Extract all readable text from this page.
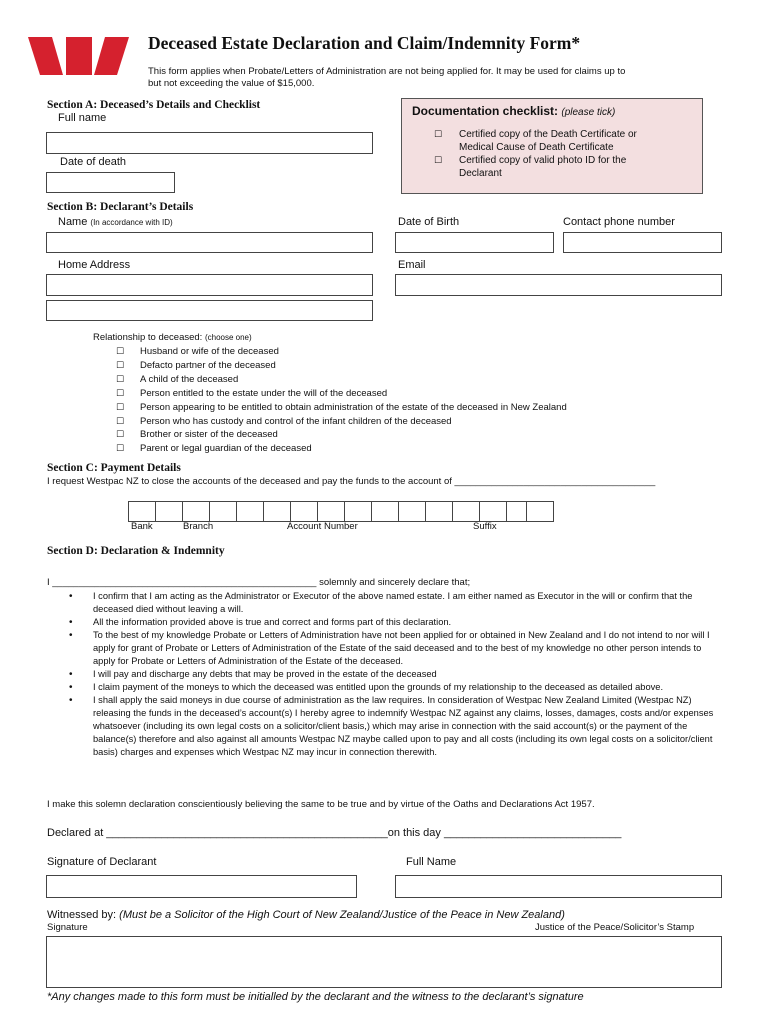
Deceased Estate Declaration and Claim/Indemnity Form*
This form applies when Probate/Letters of Administration are not being applied for. It may be used for claims up to
but not exceeding the value of $15,000.
Section A: Deceased’s Details and Checklist
Full name
Date of death
Documentation checklist: (please tick)
☐	Certified copy of the Death Certificate or
Medical Cause of Death Certificate
☐	Certified copy of valid photo ID for the
Declarant
Section B: Declarant’s Details
Name (In accordance with ID)	Date of Birth	Contact phone number
Home Address	Email
Relationship to deceased: (choose one)
☐ Husband or wife of the deceased
☐ Defacto partner of the deceased
☐ A child of the deceased
☐ Person entitled to the estate under the will of the deceased
☐ Person appearing to be entitled to obtain administration of the estate of the deceased in New Zealand
☐ Person who has custody and control of the infant children of the deceased
☐ Brother or sister of the deceased
☐ Parent or legal guardian of the deceased
Section C: Payment Details
I request Westpac NZ to close the accounts of the deceased and pay the funds to the account of ______________________________________
Bank	Branch	Account Number	Suffix
Section D: Declaration & Indemnity
I __________________________________________________ solemnly and sincerely declare that;
• I confirm that I am acting as the Administrator or Executor of the above named estate. I am either named as Executor in the will or confirm that the deceased died without leaving a will.
• All the information provided above is true and correct and forms part of this declaration.
• To the best of my knowledge Probate or Letters of Administration have not been applied for or obtained in New Zealand and I do not intend to nor will I apply for grant of Probate or Letters of Administration of the Estate of the said deceased and to the best of my knowledge no other person intends to apply for Probate or Letters of Administration of the Estate of the deceased.
• I will pay and discharge any debts that may be proved in the estate of the deceased
• I claim payment of the moneys to which the deceased was entitled upon the grounds of my relationship to the deceased as detailed above.
• I shall apply the said moneys in due course of administration as the law requires. In consideration of Westpac New Zealand Limited (Westpac NZ) releasing the funds in the deceased’s account(s) I hereby agree to indemnify Westpac NZ against any claims, losses, damages, costs and/or expenses whatsoever (including its own legal costs on a solicitor/client basis,) which may arise in connection with the said account(s) or the payment of the balance(s) therefore and also against all amounts Westpac NZ maybe called upon to pay and all costs (including its own legal costs on a solicitor/client basis) charges and expenses which Westpac NZ may incur in connection therewith.
I make this solemn declaration conscientiously believing the same to be true and by virtue of the Oaths and Declarations Act 1957.
Declared at ______________________________________________on this day _____________________________
Signature of Declarant	Full Name
Witnessed by: (Must be a Solicitor of the High Court of New Zealand/Justice of the Peace in New Zealand)
Signature	Justice of the Peace/Solicitor’s Stamp
*Any changes made to this form must be initialled by the declarant and the witness to the declarant’s signature
